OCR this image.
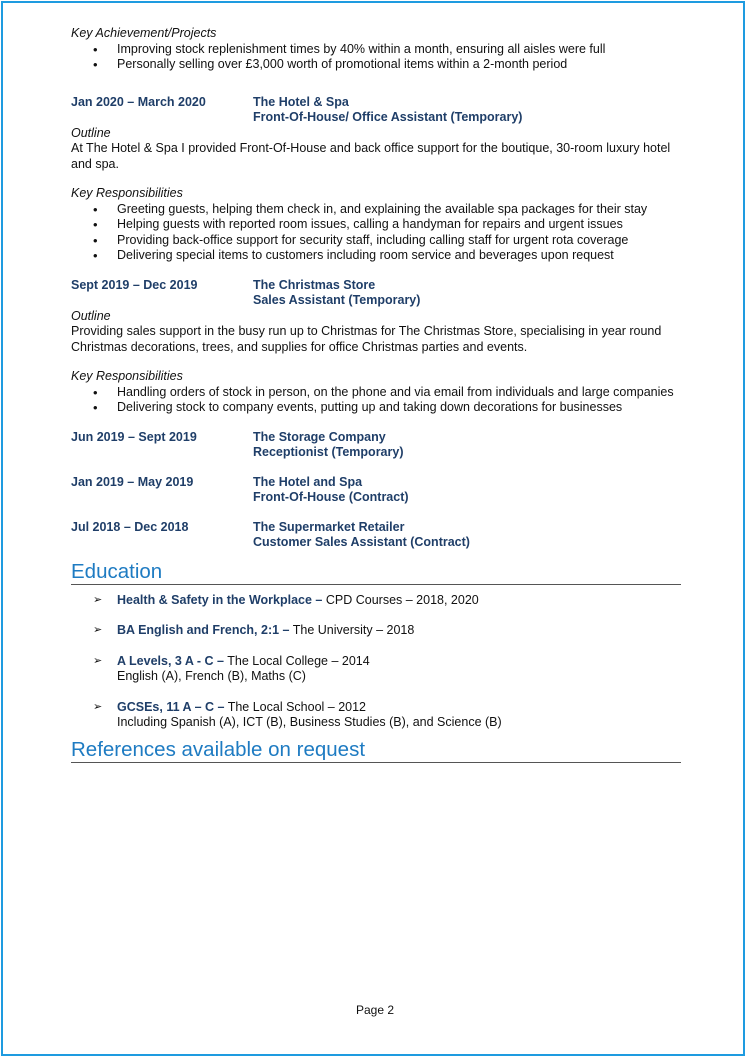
Key Achievement/Projects
• Improving stock replenishment times by 40% within a month, ensuring all aisles were full
• Personally selling over £3,000 worth of promotional items within a 2-month period
Jan 2020 – March 2020	The Hotel & Spa
Front-Of-House/ Office Assistant (Temporary)
Outline

At The Hotel & Spa I provided Front-Of-House and back office support for the boutique, 30-room luxury hotel and spa.

Key Responsibilities
• Greeting guests, helping them check in, and explaining the available spa packages for their stay
• Helping guests with reported room issues, calling a handyman for repairs and urgent issues
• Providing back-office support for security staff, including calling staff for urgent rota coverage
• Delivering special items to customers including room service and beverages upon request
Sept 2019 – Dec 2019	The Christmas Store
Sales Assistant (Temporary)
Outline

Providing sales support in the busy run up to Christmas for The Christmas Store, specialising in year round Christmas decorations, trees, and supplies for office Christmas parties and events.

Key Responsibilities
• Handling orders of stock in person, on the phone and via email from individuals and large companies
• Delivering stock to company events, putting up and taking down decorations for businesses
Jun 2019 – Sept 2019	The Storage Company
Receptionist (Temporary)
Jan 2019 – May 2019	The Hotel and Spa
Front-Of-House (Contract)
Jul 2018 – Dec 2018	The Supermarket Retailer
Customer Sales Assistant (Contract)
Education
➢	Health & Safety in the Workplace – CPD Courses – 2018, 2020
➢	BA English and French, 2:1 – The University – 2018
➢	A Levels, 3 A - C – The Local College – 2014
English (A), French (B), Maths (C)
➢	GCSEs, 11 A – C – The Local School – 2012
Including Spanish (A), ICT (B), Business Studies (B), and Science (B)
References available on request
Page 2
